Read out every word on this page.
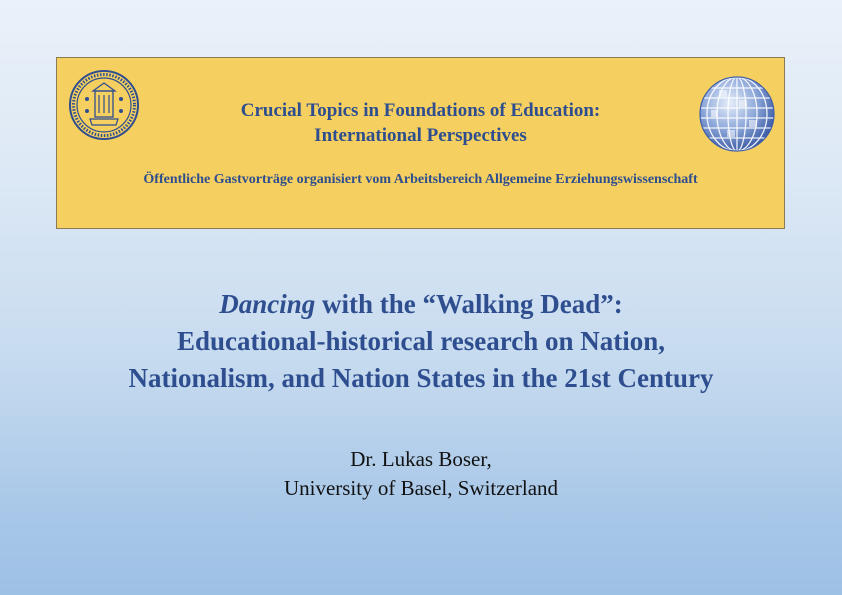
Crucial Topics in Foundations of Education:
International Perspectives
Öffentliche Gastvorträge organisiert vom Arbeitsbereich Allgemeine Erziehungswissenschaft
Dancing with the “Walking Dead”:
Educational-historical research on Nation,
Nationalism, and Nation States in the 21st Century
Dr. Lukas Boser,
University of Basel, Switzerland
